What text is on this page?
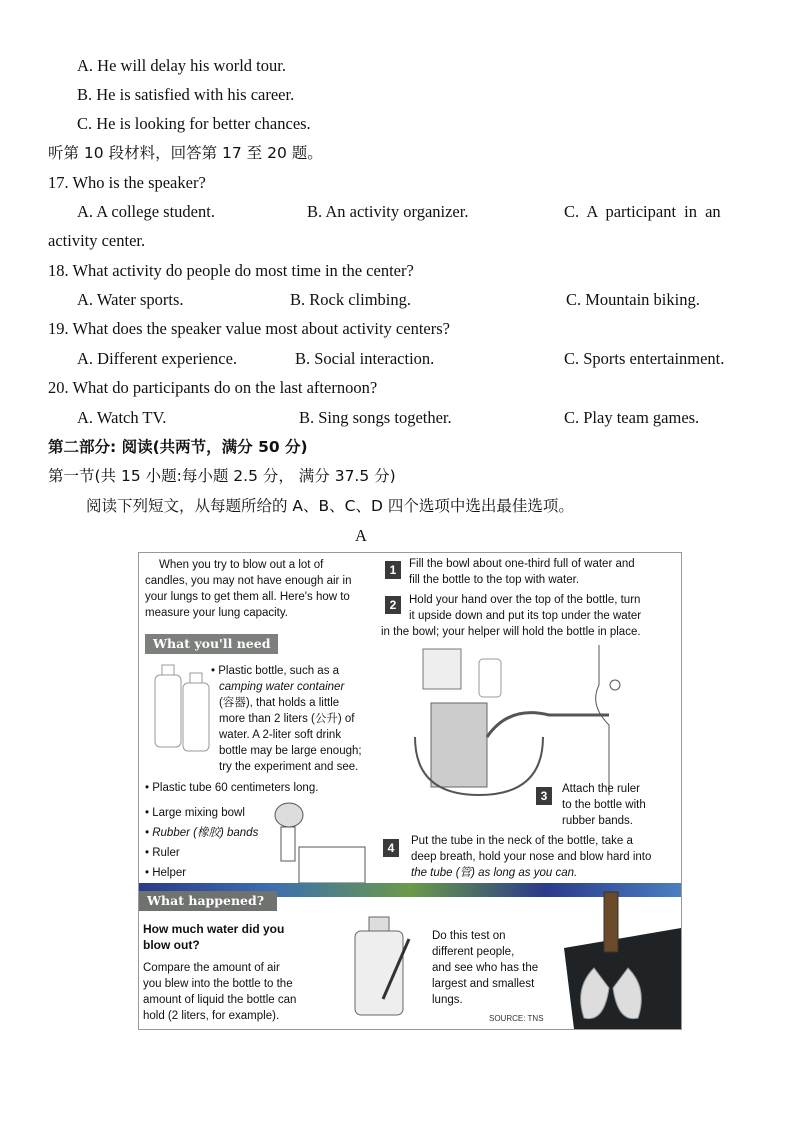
A. He will delay his world tour.
B. He is satisfied with his career.
C. He is looking for better chances.
听第 10 段材料，回答第 17 至 20 题。
17. Who is the speaker?
A. A college student.	B. An activity organizer.	C. A participant in an
activity center.
18. What activity do people do most time in the center?
A. Water sports.	B. Rock climbing.	C. Mountain biking.
19. What does the speaker value most about activity centers?
A. Different experience.	B. Social interaction.	C. Sports entertainment.
20. What do participants do on the last afternoon?
A. Watch TV.	B. Sing songs together.	C. Play team games.
第二部分: 阅读(共两节，满分 50 分)
第一节(共 15 小题:每小题 2.5 分， 满分 37.5 分)
阅读下列短文，从每题所给的 A、B、C、D 四个选项中选出最佳选项。
A
When you try to blow out a lot of
candles, you may not have enough air in
your lungs to get them all. Here's how to
measure your lung capacity.
What you'll need
• Plastic bottle, such as a
camping water container
(容器), that holds a little
more than 2 liters (公升) of
water. A 2-liter soft drink
bottle may be large enough;
try the experiment and see.
• Plastic tube 60 centimeters long.
• Large mixing bowl
• Rubber (橡胶) bands
• Ruler
• Helper
1	Fill the bowl about one-third full of water and
fill the bottle to the top with water.
2	Hold your hand over the top of the bottle, turn
it upside down and put its top under the water
in the bowl; your helper will hold the bottle in place.
3	Attach the ruler
to the bottle with
rubber bands.
4	Put the tube in the neck of the bottle, take a
deep breath, hold your nose and blow hard into
the tube (管) as long as you can.
What happened?
How much water did you
blow out?
Compare the amount of air
you blew into the bottle to the
amount of liquid the bottle can
hold (2 liters, for example).
Do this test on
different people,
and see who has the
largest and smallest
lungs.
SOURCE: TNS
